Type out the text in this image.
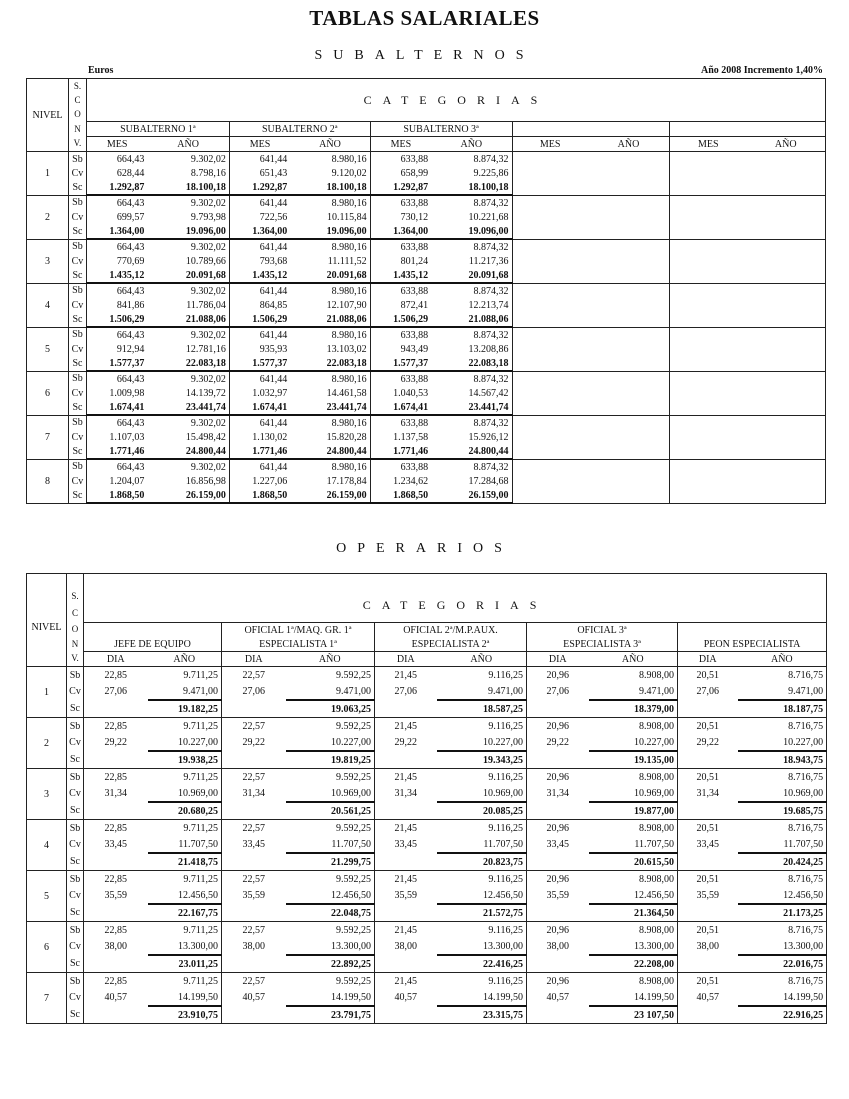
TABLAS SALARIALES
SUBALTERNOS
Euros	Año 2008 Incremento 1,40%
NIVEL	S.	CATEGORIAS									
	C										
	O										
	N	SUBALTERNO 1ª		SUBALTERNO 2ª		SUBALTERNO 3ª					
	V.	MES	AÑO	MES	AÑO	MES	AÑO	MES	AÑO	MES	AÑO
1	Sb	664,43	9.302,02	641,44	8.980,16	633,88	8.874,32				
	Cv	628,44	8.798,16	651,43	9.120,02	658,99	9.225,86				
	Sc	1.292,87	18.100,18	1.292,87	18.100,18	1.292,87	18.100,18				
2	Sb	664,43	9.302,02	641,44	8.980,16	633,88	8.874,32				
	Cv	699,57	9.793,98	722,56	10.115,84	730,12	10.221,68				
	Sc	1.364,00	19.096,00	1.364,00	19.096,00	1.364,00	19.096,00				
3	Sb	664,43	9.302,02	641,44	8.980,16	633,88	8.874,32				
	Cv	770,69	10.789,66	793,68	11.111,52	801,24	11.217,36				
	Sc	1.435,12	20.091,68	1.435,12	20.091,68	1.435,12	20.091,68				
4	Sb	664,43	9.302,02	641,44	8.980,16	633,88	8.874,32				
	Cv	841,86	11.786,04	864,85	12.107,90	872,41	12.213,74				
	Sc	1.506,29	21.088,06	1.506,29	21.088,06	1.506,29	21.088,06				
5	Sb	664,43	9.302,02	641,44	8.980,16	633,88	8.874,32				
	Cv	912,94	12.781,16	935,93	13.103,02	943,49	13.208,86				
	Sc	1.577,37	22.083,18	1.577,37	22.083,18	1.577,37	22.083,18				
6	Sb	664,43	9.302,02	641,44	8.980,16	633,88	8.874,32				
	Cv	1.009,98	14.139,72	1.032,97	14.461,58	1.040,53	14.567,42				
	Sc	1.674,41	23.441,74	1.674,41	23.441,74	1.674,41	23.441,74				
7	Sb	664,43	9.302,02	641,44	8.980,16	633,88	8.874,32				
	Cv	1.107,03	15.498,42	1.130,02	15.820,28	1.137,58	15.926,12				
	Sc	1.771,46	24.800,44	1.771,46	24.800,44	1.771,46	24.800,44				
8	Sb	664,43	9.302,02	641,44	8.980,16	633,88	8.874,32				
	Cv	1.204,07	16.856,98	1.227,06	17.178,84	1.234,62	17.284,68				
	Sc	1.868,50	26.159,00	1.868,50	26.159,00	1.868,50	26.159,00				
OPERARIOS

NIVEL	S.	CATEGORIAS									
	C										
	O			OFICIAL 1ª/MAQ. GR. 1ª		OFICIAL 2ª/M.P.AUX.		OFICIAL 3ª			
	N	JEFE DE EQUIPO		ESPECIALISTA 1ª		ESPECIALISTA 2ª		ESPECIALISTA 3ª		PEON ESPECIALISTA	
	V.	DIA	AÑO	DIA	AÑO	DIA	AÑO	DIA	AÑO	DIA	AÑO
1	Sb	22,85	9.711,25	22,57	9.592,25	21,45	9.116,25	20,96	8.908,00	20,51	8.716,75
	Cv	27,06	9.471,00	27,06	9.471,00	27,06	9.471,00	27,06	9.471,00	27,06	9.471,00
	Sc		19.182,25		19.063,25		18.587,25		18.379,00		18.187,75
2	Sb	22,85	9.711,25	22,57	9.592,25	21,45	9.116,25	20,96	8.908,00	20,51	8.716,75
	Cv	29,22	10.227,00	29,22	10.227,00	29,22	10.227,00	29,22	10.227,00	29,22	10.227,00
	Sc		19.938,25		19.819,25		19.343,25		19.135,00		18.943,75
3	Sb	22,85	9.711,25	22,57	9.592,25	21,45	9.116,25	20,96	8.908,00	20,51	8.716,75
	Cv	31,34	10.969,00	31,34	10.969,00	31,34	10.969,00	31,34	10.969,00	31,34	10.969,00
	Sc		20.680,25		20.561,25		20.085,25		19.877,00		19.685,75
4	Sb	22,85	9.711,25	22,57	9.592,25	21,45	9.116,25	20,96	8.908,00	20,51	8.716,75
	Cv	33,45	11.707,50	33,45	11.707,50	33,45	11.707,50	33,45	11.707,50	33,45	11.707,50
	Sc		21.418,75		21.299,75		20.823,75		20.615,50		20.424,25
5	Sb	22,85	9.711,25	22,57	9.592,25	21,45	9.116,25	20,96	8.908,00	20,51	8.716,75
	Cv	35,59	12.456,50	35,59	12.456,50	35,59	12.456,50	35,59	12.456,50	35,59	12.456,50
	Sc		22.167,75		22.048,75		21.572,75		21.364,50		21.173,25
6	Sb	22,85	9.711,25	22,57	9.592,25	21,45	9.116,25	20,96	8.908,00	20,51	8.716,75
	Cv	38,00	13.300,00	38,00	13.300,00	38,00	13.300,00	38,00	13.300,00	38,00	13.300,00
	Sc		23.011,25		22.892,25		22.416,25		22.208,00		22.016,75
7	Sb	22,85	9.711,25	22,57	9.592,25	21,45	9.116,25	20,96	8.908,00	20,51	8.716,75
	Cv	40,57	14.199,50	40,57	14.199,50	40,57	14.199,50	40,57	14.199,50	40,57	14.199,50
	Sc		23.910,75		23.791,75		23.315,75		23 107,50		22.916,25
